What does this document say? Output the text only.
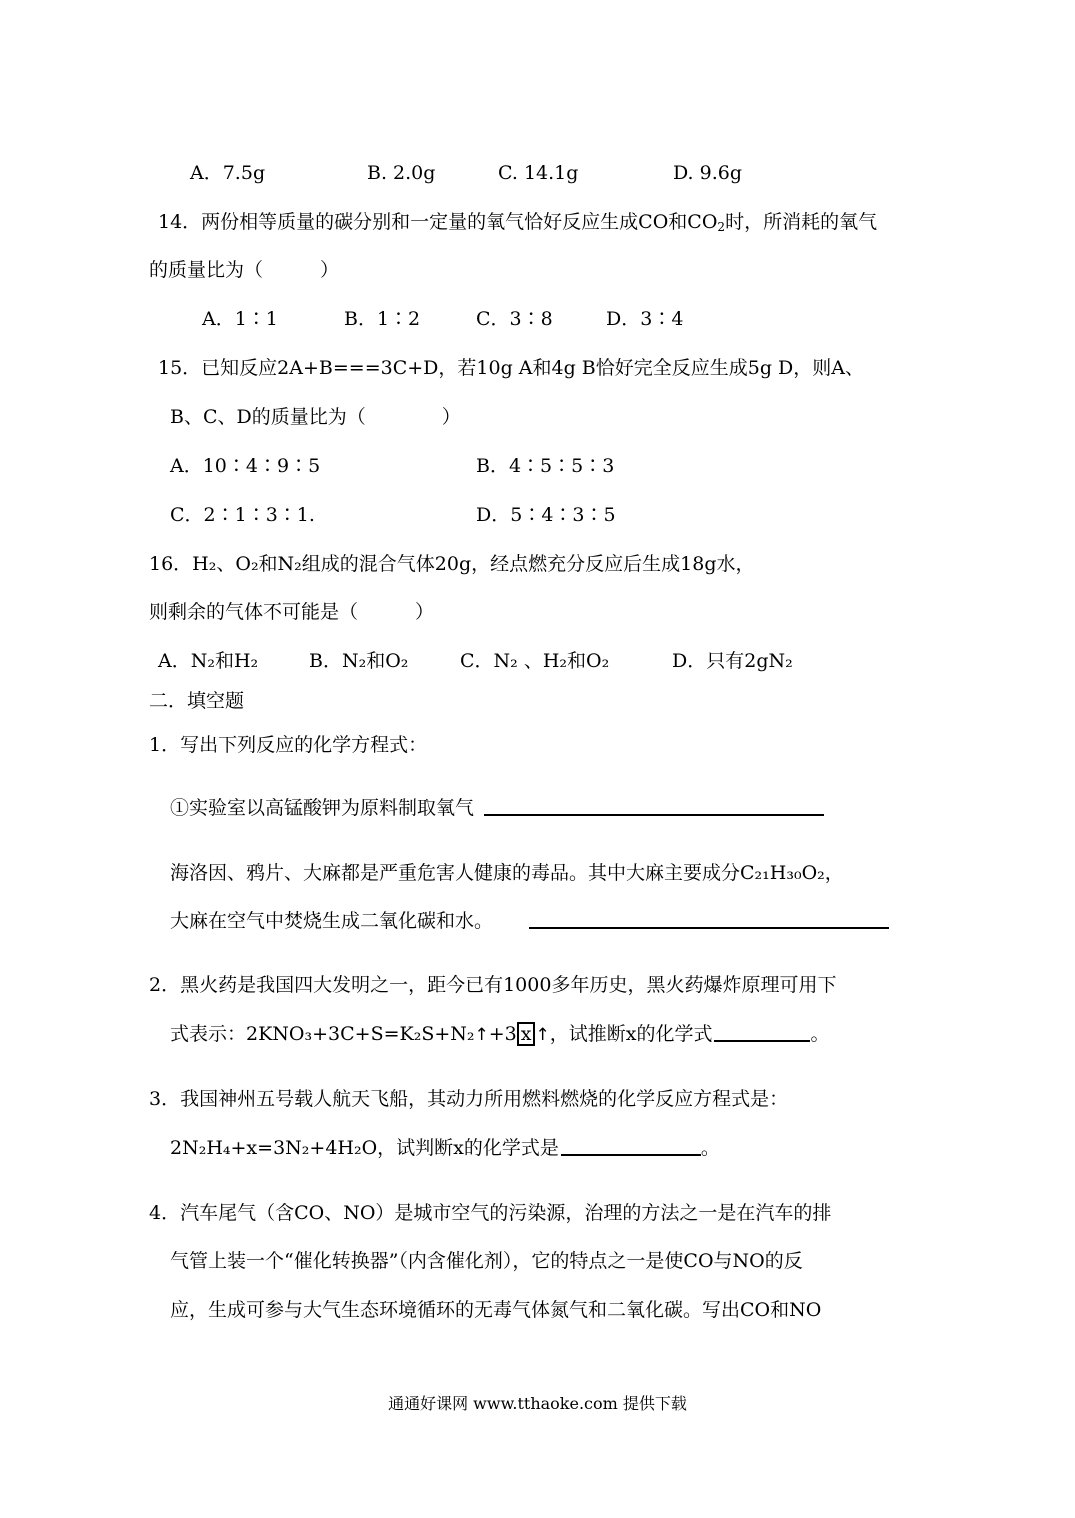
A．7.5g	B. 2.0g	C. 14.1g	D. 9.6g
14．两份相等质量的碳分别和一定量的氧气恰好反应生成CO和$CO_2$时，所消耗的氧气
的质量比为（　　　）
A．1∶1	B．1∶2	C．3∶8	D．3∶4
15．已知反应2A+B===3C+D，若10g A和4g B恰好完全反应生成5g D，则A、
B、C、D的质量比为（　　　　）
A．10∶4∶9∶5	B．4∶5∶5∶3
C．2∶1∶3∶1.	D．5∶4∶3∶5
16．H₂、O₂和N₂组成的混合气体20g，经点燃充分反应后生成18g水，
则剩余的气体不可能是（　　　）
A．N₂和H₂	B．N₂和O₂	C．N₂ 、H₂和O₂	D．只有2gN₂
二．填空题
1．写出下列反应的化学方程式：
①实验室以高锰酸钾为原料制取氧气
海洛因、鸦片、大麻都是严重危害人健康的毒品。其中大麻主要成分C₂₁H₃₀O₂，
大麻在空气中焚烧生成二氧化碳和水。
2．黑火药是我国四大发明之一，距今已有1000多年历史，黑火药爆炸原理可用下
式表示：2KNO₃+3C+S=K₂S+N₂↑+3 x ↑，试推断x的化学式	。
3．我国神州五号载人航天飞船，其动力所用燃料燃烧的化学反应方程式是：
2N₂H₄+x=3N₂+4H₂O，试判断x的化学式是	。
4．汽车尾气（含CO、NO）是城市空气的污染源，治理的方法之一是在汽车的排
气管上装一个“催化转换器”（内含催化剂），它的特点之一是使CO与NO的反
应，生成可参与大气生态环境循环的无毒气体氮气和二氧化碳。写出CO和NO
通通好课网 www.tthaoke.com 提供下载
